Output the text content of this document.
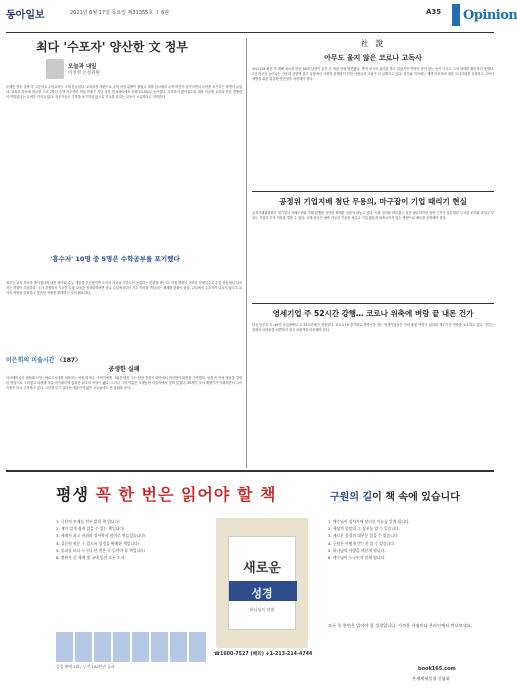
동아일보	2021년 6월 17일 목요일 제31355호 ㅣ 6판	A35 Opinion
최다 '수포자' 양산한 文 정부
오늘과 내일
이진영 논설위원
문재인 정부 출범 후 고등학교 수학교육이 크게 흔들렸다. 교육과정 개편으로 수학 학습 분량이 줄었고 대학 입시에서 수학 비중이 낮아지면서 수학을 포기하는 학생이 늘었다. 교육부 자료에 따르면 고교 2학년 수학 기초학력 미달 비율은 지난 정부 말 9.9%에서 올해 13.5%로 높아졌다. 수포자가 많아질수록 대학 이공계 교육과 산업 경쟁력이 약화된다는 우려가 커지고 있다. 전문가들은 수학을 포기하지 않도록 기초를 다지는 교육이 시급하다고 지적한다.
정부는 교육 격차를 줄이겠다며 내신 평가와 수능 개편을 추진했지만 오히려 사교육 의존도만 높였다는 비판을 받는다. 가정 형편이 어려운 학생일수록 수학 학습에서 뒤처지는 경향이 뚜렷하다. 국가 경쟁력의 기초인 수학 교육을 정상화하려면 학교 수업에서부터 기초 학력을 책임지는 체계를 갖춰야 한다. 교실에서 수포자가 나오지 않도록 교사의 역할을 강화하고 맞춤형 지원을 확대하는 것이 필요하다.
이은희의 미술시간 〈187〉
공생한 실패
아르테미시아 젠틸레스키는 바로크시대를 대표하는 여성 화가다. 아버지에게 그림을 배운 그는 남성 중심의 화단에서 자신만의 화풍을 구축했다. 성경 속 여성 영웅을 강렬한 명암으로 그려냈고 피렌체 미술 아카데미에 입회한 최초의 여성이 됐다. 그러나 그의 이름은 오랫동안 미술사에서 잊혀 있었다. 20세기 들어 재평가가 이뤄지면서 그의 작품은 다시 주목받고 있다. 시련을 딛고 일어선 예술가의 삶은 오늘날에도 큰 울림을 준다.
'흥수저' 10명 중 5명은 수학공부를 포기했다
社 說
아무도 울지 않은 코로나 고독사
코로나19 확진 후 재택 치료를 받던 50대 남성이 숨진 지 며칠 만에 발견됐다. 방역 당국의 관리를 받고 있었지만 연락이 닿지 않는 동안 아무도 그의 상태를 확인하지 못했다. 1인 가구가 늘어나는 가운데 감염병 위기 상황에서 사회적 관계망이 약한 사람들의 고립이 더 심해지고 있다. 정부와 지자체는 재택 치료자에 대한 모니터링을 강화하고 고독사 예방을 위한 촘촘한 안전망을 마련해야 한다.
공정위 기업지배 첨단 무용의, 마구잡이 기업 때리기 현실
공정거래위원회가 대기업의 지배구조와 거래 관행을 겨냥한 제재를 잇달아 내놓고 있다. 시장 질서를 바로잡는 것은 필요하지만 법적 근거가 불분명한 무리한 조사와 과징금 부과는 기업의 투자 의욕을 꺾을 수 있다. 규제 당국은 예측 가능한 기준을 세우고 기업 활동을 위축시키지 않는 방향으로 제도를 운영해야 한다.
영세기업 주 52시간 강행… 코로나 위축에 벼랑 끝 내몬 건가
다음 달부터 5∼49인 사업장에도 주 52시간제가 적용된다. 코로나19 장기화로 경영난을 겪는 영세기업들은 인력 충원 여력이 없다며 계도기간 연장을 호소하고 있다. 정부는 현장의 어려움을 외면하지 말고 보완책을 마련해야 한다.
평생 꼭 한 번은 읽어야 할 책	구원의 길이 책 속에 있습니다
1. 극단의 부재를 전부 밝힌 책 입니다!
2. 재미 있게 쉽게 읽을 수 있는 책입니다!
3. 세계적 최고 권위의 성서학자 참여로 만들었습니다!
4. 질문형 원문 수 있도록 성경을 판매한 책입니다!
5. 종교를 떠나 누구나 한 번은 꼭 읽어야 할 책입니다!
6. 출판사 중 세계 및 국내 입선 모든 도서!
성경 판매 1위 / 누적 100만권 돌파
새로운
성경
하나님의 말씀
☎1600-7527 (해외) +1-213-214-4744
1. 예수님이 십자가에 달리신 이유를 알게 됩니다.
2. 세상의 종말과 그 징조를 알 수 있습니다.
3. 새로운 성경의 대부분 읽을 수 있습니다.
4. 구원은 어떻게 받는지 알 수 있습니다.
5. 하나님의 사랑을 깨닫게 됩니다.
6. 예수님이 누구인지 알게 됩니다.
모두 꼭 한번은 읽어야 할 성경입니다. 가까운 서점이나 온라인에서 만나보세요.
book165.com
온세계새성경 신협회
